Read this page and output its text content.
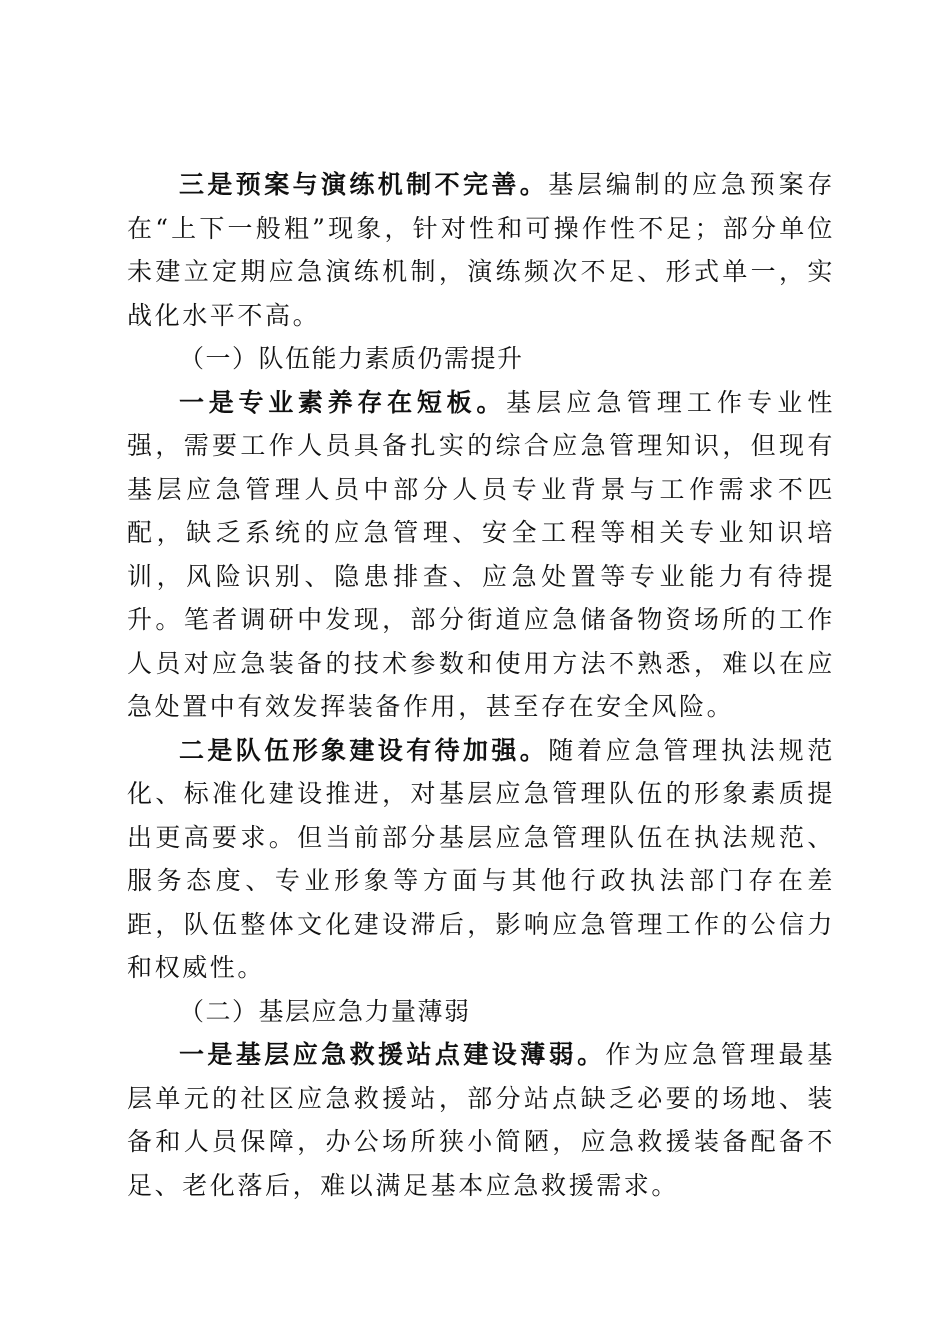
三是预案与演练机制不完善。基层编制的应急预案存在“上下一般粗”现象，针对性和可操作性不足；部分单位未建立定期应急演练机制，演练频次不足、形式单一，实战化水平不高。

（一）队伍能力素质仍需提升

一是专业素养存在短板。基层应急管理工作专业性强，需要工作人员具备扎实的综合应急管理知识，但现有基层应急管理人员中部分人员专业背景与工作需求不匹配，缺乏系统的应急管理、安全工程等相关专业知识培训，风险识别、隐患排查、应急处置等专业能力有待提升。笔者调研中发现，部分街道应急储备物资场所的工作人员对应急装备的技术参数和使用方法不熟悉，难以在应急处置中有效发挥装备作用，甚至存在安全风险。

二是队伍形象建设有待加强。随着应急管理执法规范化、标准化建设推进，对基层应急管理队伍的形象素质提出更高要求。但当前部分基层应急管理队伍在执法规范、服务态度、专业形象等方面与其他行政执法部门存在差距，队伍整体文化建设滞后，影响应急管理工作的公信力和权威性。

（二）基层应急力量薄弱

一是基层应急救援站点建设薄弱。作为应急管理最基层单元的社区应急救援站，部分站点缺乏必要的场地、装备和人员保障，办公场所狭小简陋，应急救援装备配备不足、老化落后，难以满足基本应急救援需求。
